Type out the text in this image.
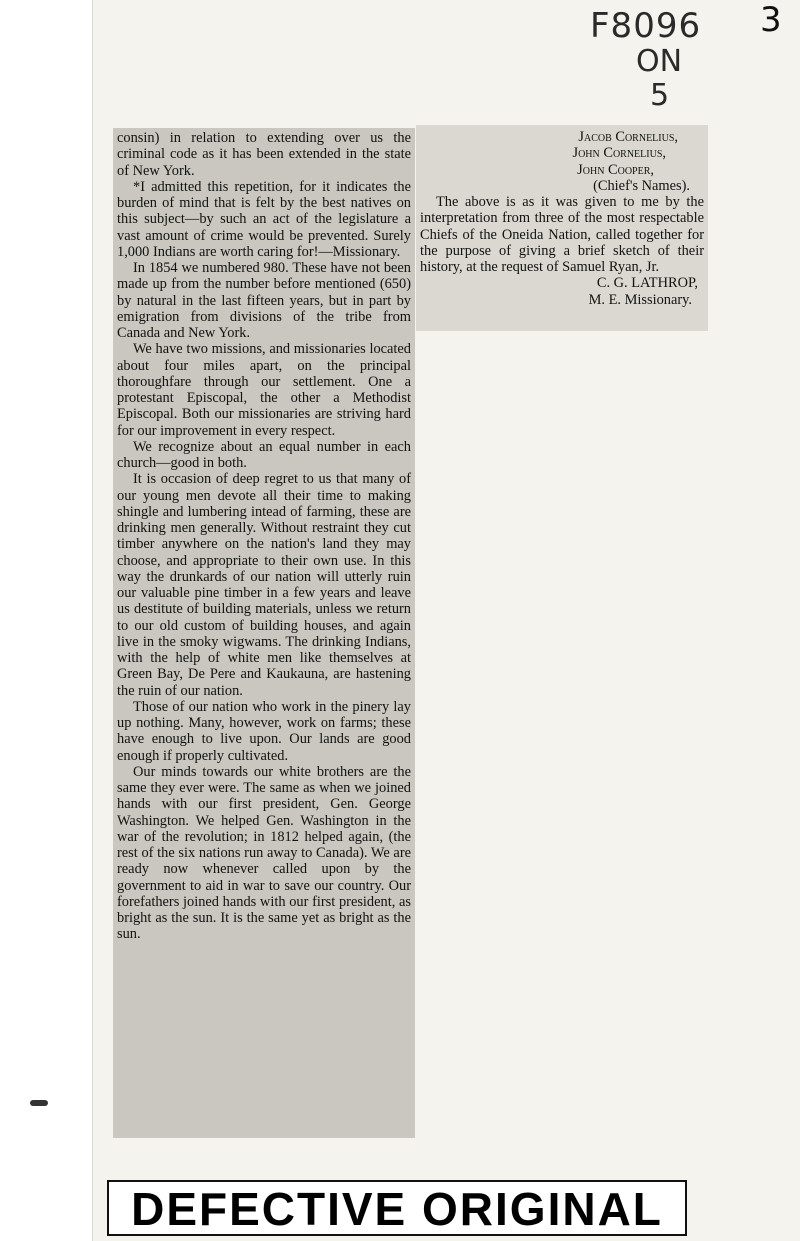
F8096
ON
5
3

consin) in relation to extending over us the criminal code as it has been extended in the state of New York.

*I admitted this repetition, for it indicates the burden of mind that is felt by the best natives on this subject—by such an act of the legislature a vast amount of crime would be prevented. Surely 1,000 Indians are worth caring for!—Missionary.

In 1854 we numbered 980. These have not been made up from the number before mentioned (650) by natural in the last fifteen years, but in part by emigration from divisions of the tribe from Canada and New York.

We have two missions, and missionaries located about four miles apart, on the principal thoroughfare through our settlement. One a protestant Episcopal, the other a Methodist Episcopal. Both our missionaries are striving hard for our improvement in every respect.

We recognize about an equal number in each church—good in both.

It is occasion of deep regret to us that many of our young men devote all their time to making shingle and lumbering intead of farming, these are drinking men generally. Without restraint they cut timber anywhere on the nation's land they may choose, and appropriate to their own use. In this way the drunkards of our nation will utterly ruin our valuable pine timber in a few years and leave us destitute of building materials, unless we return to our old custom of building houses, and again live in the smoky wigwams. The drinking Indians, with the help of white men like themselves at Green Bay, De Pere and Kaukauna, are hastening the ruin of our nation.

Those of our nation who work in the pinery lay up nothing. Many, however, work on farms; these have enough to live upon. Our lands are good enough if properly cultivated.

Our minds towards our white brothers are the same they ever were. The same as when we joined hands with our first president, Gen. George Washington. We helped Gen. Washington in the war of the revolution; in 1812 helped again, (the rest of the six nations run away to Canada). We are ready now whenever called upon by the government to aid in war to save our country. Our forefathers joined hands with our first president, as bright as the sun. It is the same yet as bright as the sun.

Jacob Cornelius,
John Cornelius,
John Cooper,
(Chief's Names).

The above is as it was given to me by the interpretation from three of the most respectable Chiefs of the Oneida Nation, called together for the purpose of giving a brief sketch of their history, at the request of Samuel Ryan, Jr.

C. G. LATHROP,
M. E. Missionary.
DEFECTIVE ORIGINAL
